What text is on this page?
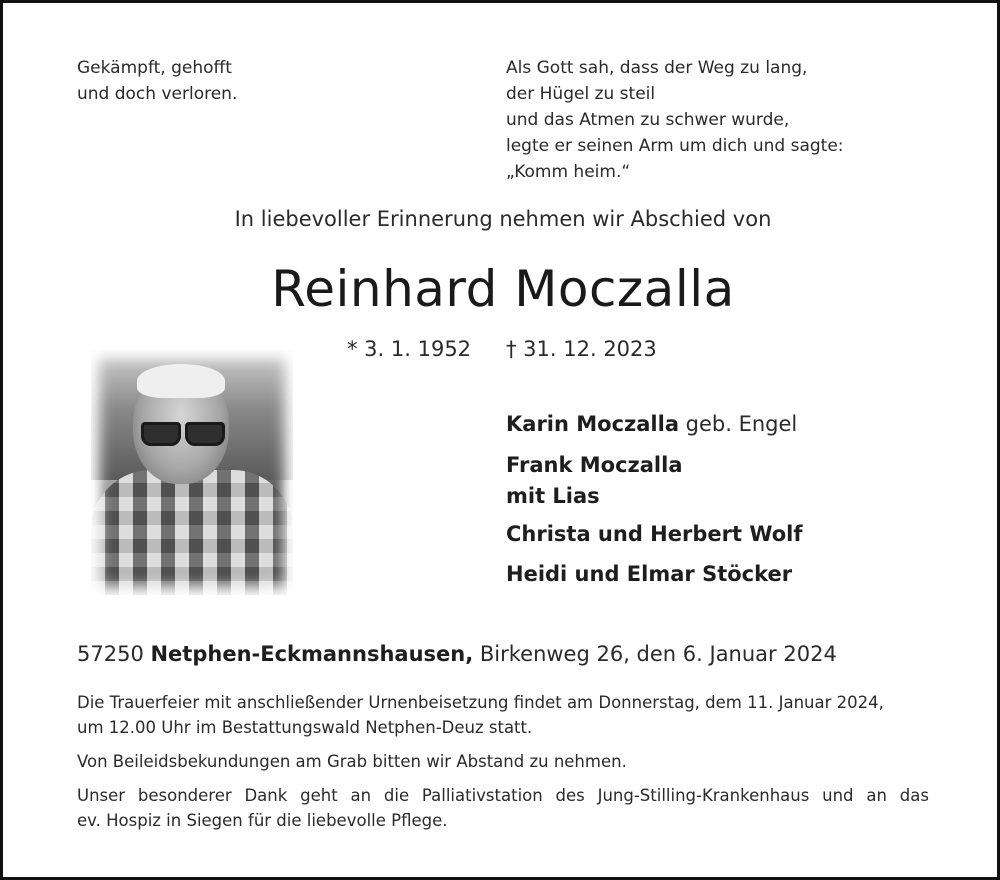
Gekämpft, gehofft
und doch verloren.
Als Gott sah, dass der Weg zu lang,
der Hügel zu steil
und das Atmen zu schwer wurde,
legte er seinen Arm um dich und sagte:
„Komm heim.“
In liebevoller Erinnerung nehmen wir Abschied von
Reinhard Moczalla
* 3. 1. 1952 † 31. 12. 2023
Karin Moczalla geb. Engel
Frank Moczalla
mit Lias
Christa und Herbert Wolf
Heidi und Elmar Stöcker
57250 Netphen-Eckmannshausen, Birkenweg 26, den 6. Januar 2024
Die Trauerfeier mit anschließender Urnenbeisetzung findet am Donnerstag, dem 11. Januar 2024,
um 12.00 Uhr im Bestattungswald Netphen-Deuz statt.
Von Beileidsbekundungen am Grab bitten wir Abstand zu nehmen.
Unser besonderer Dank geht an die Palliativstation des Jung-Stilling-Krankenhaus und an das
ev. Hospiz in Siegen für die liebevolle Pflege.
